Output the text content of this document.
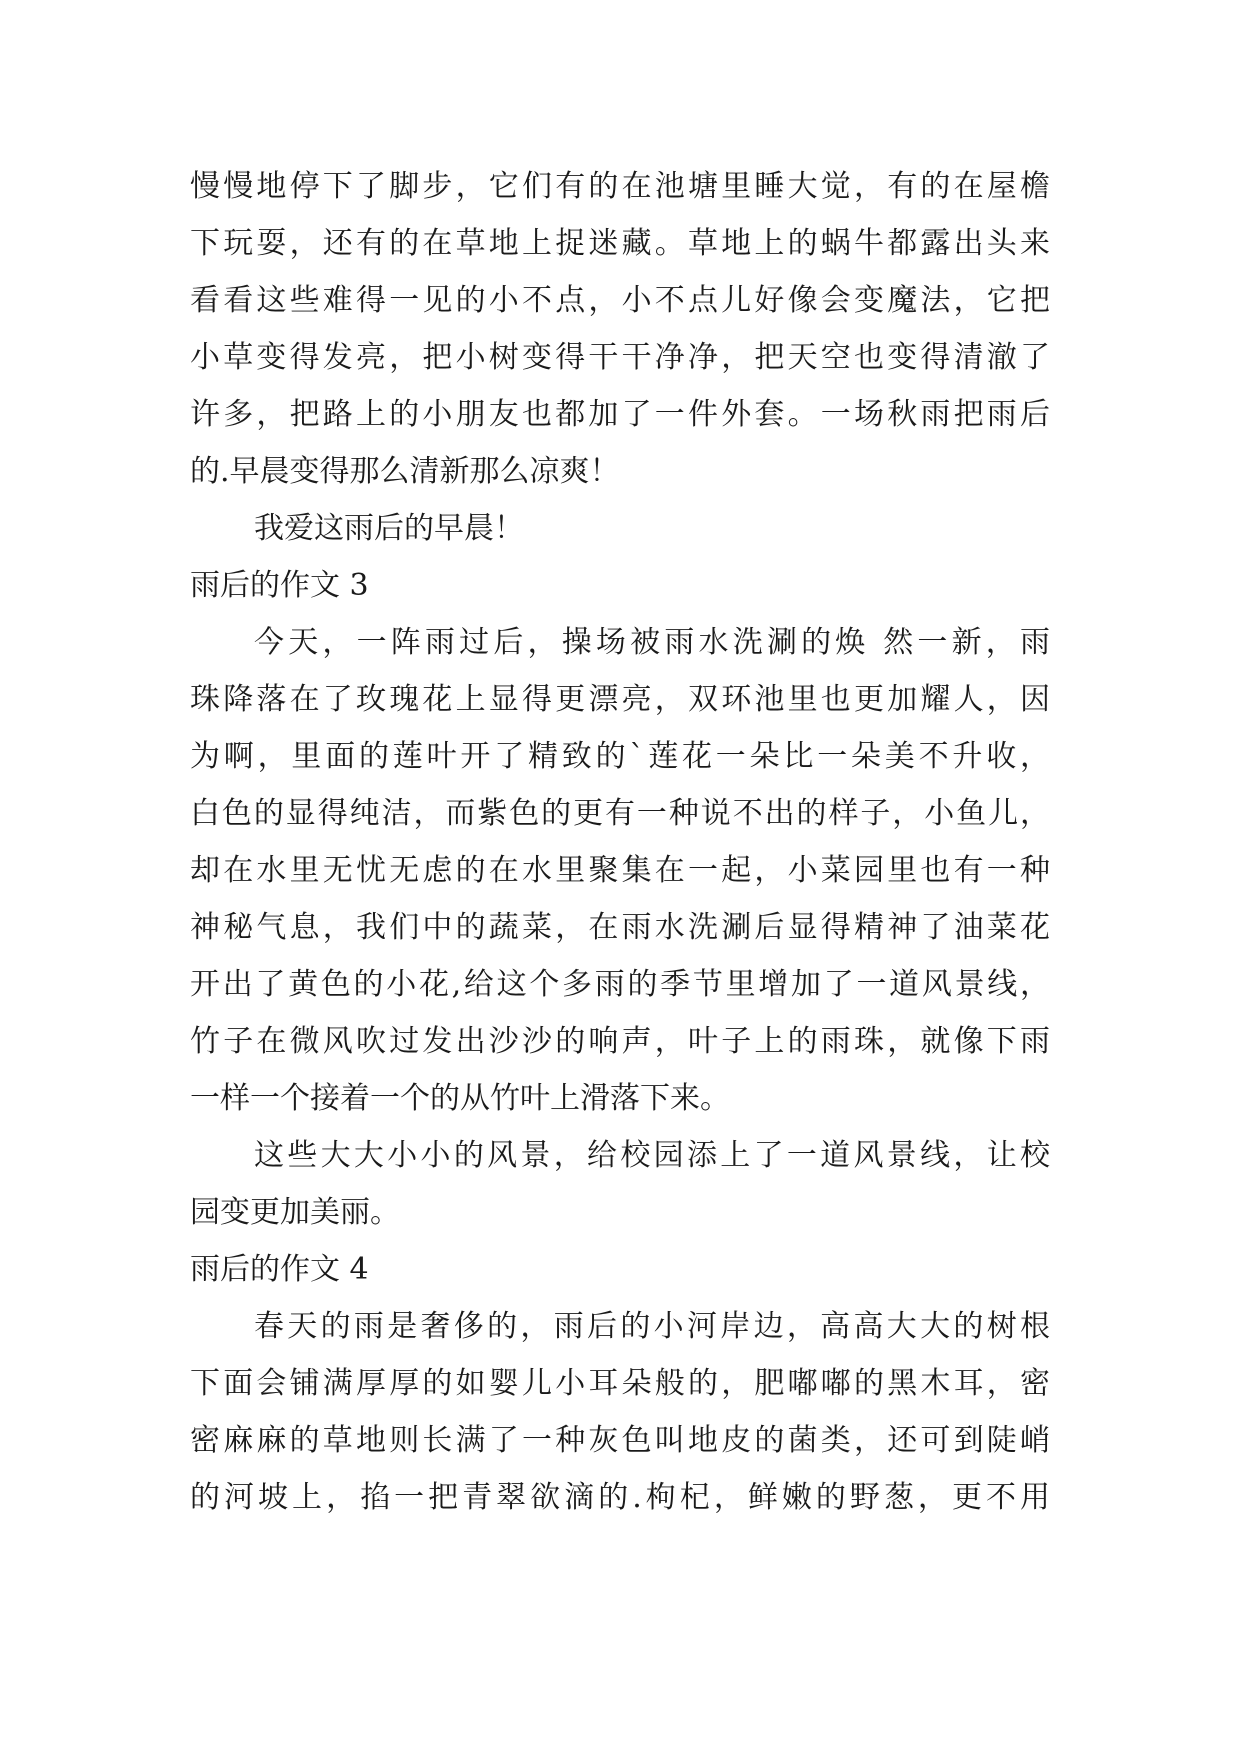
慢慢地停下了脚步，它们有的在池塘里睡大觉，有的在屋檐
下玩耍，还有的在草地上捉迷藏。草地上的蜗牛都露出头来
看看这些难得一见的小不点，小不点儿好像会变魔法，它把
小草变得发亮，把小树变得干干净净，把天空也变得清澈了
许多，把路上的小朋友也都加了一件外套。一场秋雨把雨后
的.早晨变得那么清新那么凉爽！
我爱这雨后的早晨！
雨后的作文 3
今天，一阵雨过后，操场被雨水洗涮的焕 然一新，雨
珠降落在了玫瑰花上显得更漂亮，双环池里也更加耀人，因
为啊，里面的莲叶开了精致的`莲花一朵比一朵美不升收，
白色的显得纯洁，而紫色的更有一种说不出的样子，小鱼儿，
却在水里无忧无虑的在水里聚集在一起，小菜园里也有一种
神秘气息，我们中的蔬菜，在雨水洗涮后显得精神了油菜花
开出了黄色的小花,给这个多雨的季节里增加了一道风景线，
竹子在微风吹过发出沙沙的响声，叶子上的雨珠，就像下雨
一样一个接着一个的从竹叶上滑落下来。
这些大大小小的风景，给校园添上了一道风景线，让校
园变更加美丽。
雨后的作文 4
春天的雨是奢侈的，雨后的小河岸边，高高大大的树根
下面会铺满厚厚的如婴儿小耳朵般的，肥嘟嘟的黑木耳，密
密麻麻的草地则长满了一种灰色叫地皮的菌类，还可到陡峭
的河坡上，掐一把青翠欲滴的.枸杞，鲜嫩的野葱，更不用
